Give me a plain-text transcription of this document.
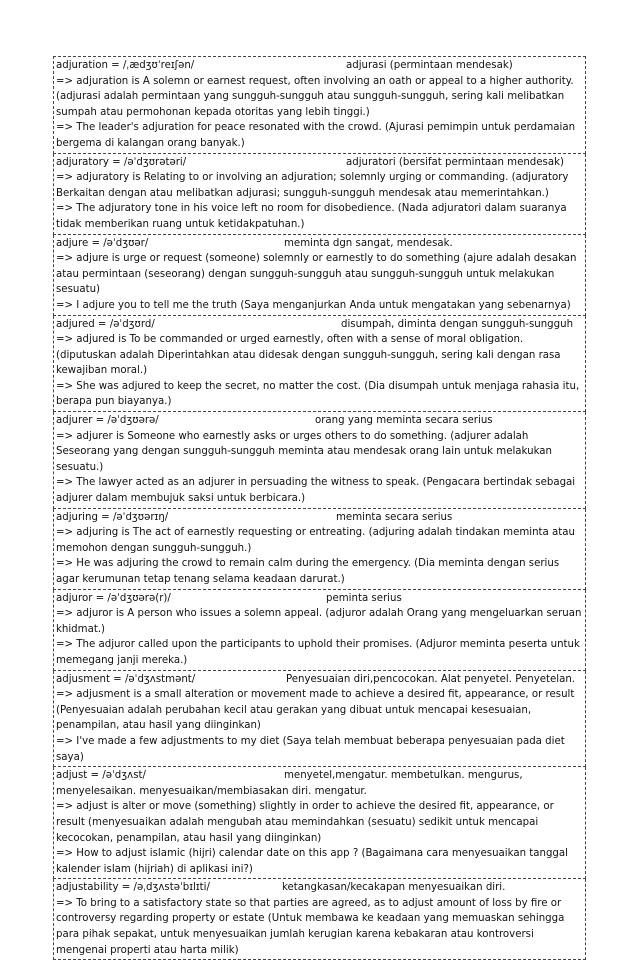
adjuration = /ˌædʒʊˈreɪʃən/	adjurasi (permintaan mendesak)
=> adjuration is A solemn or earnest request, often involving an oath or appeal to a higher authority. (adjurasi adalah permintaan yang sungguh-sungguh atau sungguh-sungguh, sering kali melibatkan sumpah atau permohonan kepada otoritas yang lebih tinggi.)
=> The leader's adjuration for peace resonated with the crowd. (Ajurasi pemimpin untuk perdamaian bergema di kalangan orang banyak.)
adjuratory = /əˈdʒʊrətəri/	adjuratori (bersifat permintaan mendesak)
=> adjuratory is Relating to or involving an adjuration; solemnly urging or commanding. (adjuratory Berkaitan dengan atau melibatkan adjurasi; sungguh-sungguh mendesak atau memerintahkan.)
=> The adjuratory tone in his voice left no room for disobedience. (Nada adjuratori dalam suaranya tidak memberikan ruang untuk ketidakpatuhan.)
adjure = /əˈdʒʊər/	meminta dgn sangat, mendesak.
=> adjure is urge or request (someone) solemnly or earnestly to do something (ajure adalah desakan atau permintaan (seseorang) dengan sungguh-sungguh atau sungguh-sungguh untuk melakukan sesuatu)
=> I adjure you to tell me the truth (Saya menganjurkan Anda untuk mengatakan yang sebenarnya)
adjured = /əˈdʒʊrd/	disumpah, diminta dengan sungguh-sungguh
=> adjured is To be commanded or urged earnestly, often with a sense of moral obligation. (diputuskan adalah Diperintahkan atau didesak dengan sungguh-sungguh, sering kali dengan rasa kewajiban moral.)
=> She was adjured to keep the secret, no matter the cost. (Dia disumpah untuk menjaga rahasia itu, berapa pun biayanya.)
adjurer = /əˈdʒʊərə/	orang yang meminta secara serius
=> adjurer is Someone who earnestly asks or urges others to do something. (adjurer adalah Seseorang yang dengan sungguh-sungguh meminta atau mendesak orang lain untuk melakukan sesuatu.)
=> The lawyer acted as an adjurer in persuading the witness to speak. (Pengacara bertindak sebagai adjurer dalam membujuk saksi untuk berbicara.)
adjuring = /əˈdʒʊərɪŋ/	meminta secara serius
=> adjuring is The act of earnestly requesting or entreating. (adjuring adalah tindakan meminta atau memohon dengan sungguh-sungguh.)
=> He was adjuring the crowd to remain calm during the emergency. (Dia meminta dengan serius agar kerumunan tetap tenang selama keadaan darurat.)
adjuror = /əˈdʒʊərə(r)/	peminta serius
=> adjuror is A person who issues a solemn appeal. (adjuror adalah Orang yang mengeluarkan seruan khidmat.)
=> The adjuror called upon the participants to uphold their promises. (Adjuror meminta peserta untuk memegang janji mereka.)
adjusment = /əˈdʒʌstmənt/	Penyesuaian diri,pencocokan. Alat penyetel. Penyetelan.
=> adjusment is a small alteration or movement made to achieve a desired fit, appearance, or result (Penyesuaian adalah perubahan kecil atau gerakan yang dibuat untuk mencapai kesesuaian, penampilan, atau hasil yang diinginkan)
=> I've made a few adjustments to my diet (Saya telah membuat beberapa penyesuaian pada diet saya)
adjust = /əˈdʒʌst/	menyetel,mengatur. membetulkan. mengurus, menyelesaikan. menyesuaikan/membiasakan diri. mengatur.
=> adjust is alter or move (something) slightly in order to achieve the desired fit, appearance, or result (menyesuaikan adalah mengubah atau memindahkan (sesuatu) sedikit untuk mencapai kecocokan, penampilan, atau hasil yang diinginkan)
=> How to adjust islamic (hijri) calendar date on this app ? (Bagaimana cara menyesuaikan tanggal kalender islam (hijriah) di aplikasi ini?)
adjustability = /əˌdʒʌstəˈbɪlɪti/	ketangkasan/kecakapan menyesuaikan diri.
=> To bring to a satisfactory state so that parties are agreed, as to adjust amount of loss by fire or controversy regarding property or estate (Untuk membawa ke keadaan yang memuaskan sehingga para pihak sepakat, untuk menyesuaikan jumlah kerugian karena kebakaran atau kontroversi mengenai properti atau harta milik)
